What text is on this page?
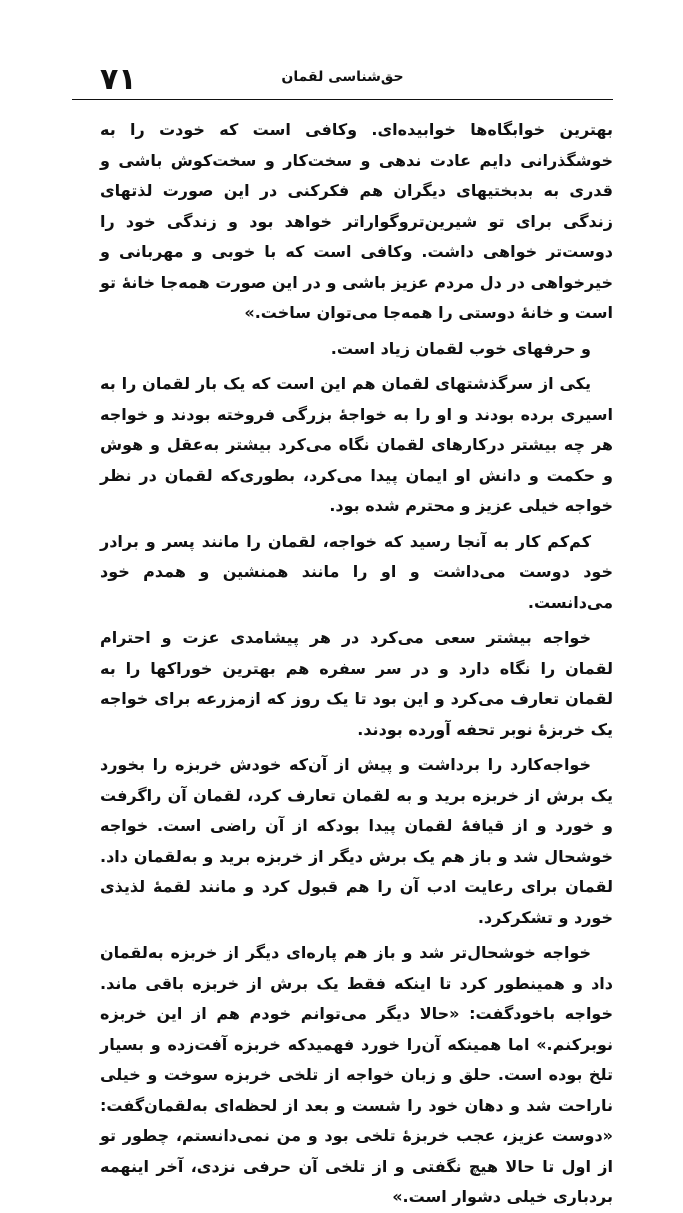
٧١	حق‌شناسی لقمان

بهترین خوابگاه‌ها خوابیده‌ای. وکافی است که خودت را به خوشگذرانی دایم عادت ندهی و سخت‌کار و سخت‌کوش باشی و قدری به بدبختیهای دیگران هم فکرکنی در این صورت لذتهای زندگی برای تو شیرین‌تروگواراتر خواهد بود و زندگی خود را دوست‌تر خواهی داشت. وکافی است که با خوبی و مهربانی و خیرخواهی در دل مردم عزیز باشی و در این صورت همه‌جا خانهٔ تو است و خانهٔ دوستی را همه‌جا می‌توان ساخت.»

و حرفهای خوب لقمان زیاد است.

یکی از سرگذشتهای لقمان هم این است که یک بار لقمان را به اسیری برده بودند و او را به خواجهٔ بزرگی فروخته بودند و خواجه هر چه بیشتر درکارهای لقمان نگاه می‌کرد بیشتر به‌عقل و هوش و حکمت و دانش او ایمان پیدا می‌کرد، بطوری‌که لقمان در نظر خواجه خیلی عزیز و محترم شده بود.

کم‌کم کار به آنجا رسید که خواجه، لقمان را مانند پسر و برادر خود دوست می‌داشت و او را مانند همنشین و همدم خود می‌دانست.

خواجه بیشتر سعی می‌کرد در هر پیشامدی عزت و احترام لقمان را نگاه دارد و در سر سفره هم بهترین خوراکها را به لقمان تعارف می‌کرد و این بود تا یک روز که ازمزرعه برای خواجه یک خربزهٔ نوبر تحفه آورده بودند.

خواجه‌کارد را برداشت و پیش از آن‌که خودش خربزه را بخورد یک برش از خربزه برید و به لقمان تعارف کرد، لقمان آن راگرفت و خورد و از قیافهٔ لقمان پیدا بودکه از آن راضی است. خواجه خوشحال شد و باز هم یک برش دیگر از خربزه برید و به‌لقمان داد. لقمان برای رعایت ادب آن را هم قبول کرد و مانند لقمهٔ لذیذی خورد و تشکرکرد.

خواجه خوشحال‌تر شد و باز هم پاره‌ای دیگر از خربزه به‌لقمان داد و همینطور کرد تا اینکه فقط یک برش از خربزه باقی ماند. خواجه باخودگفت: «حالا دیگر می‌توانم خودم هم از این خربزه نوبرکنم.» اما همینکه آن‌را خورد فهمید‌که خربزه آفت‌زده و بسیار تلخ بوده است. حلق و زبان خواجه از تلخی خربزه سوخت و خیلی ناراحت شد و دهان خود را شست و بعد از لحظه‌ای به‌لقمان‌گفت: «دوست عزیز، عجب خربزهٔ تلخی بود و من نمی‌دانستم، چطور تو از اول تا حالا هیچ نگفتی و از تلخی آن حرفی نزدی، آخر اینهمه بردباری خیلی دشوار است.»
